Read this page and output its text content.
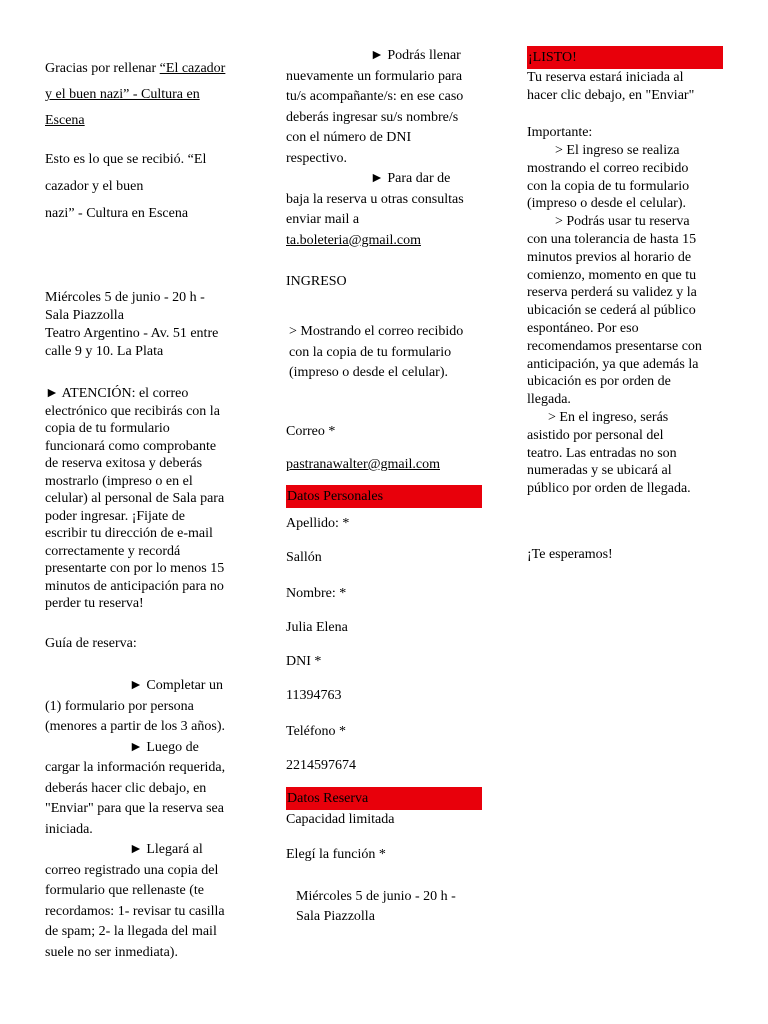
Gracias por rellenar “El cazador
y el buen nazi” - Cultura en
Escena
Esto es lo que se recibió. “El
cazador y el buen
nazi” - Cultura en Escena
Miércoles 5 de junio - 20 h -
Sala Piazzolla
Teatro Argentino - Av. 51 entre
calle 9 y 10. La Plata
► ATENCIÓN: el correo
electrónico que recibirás con la
copia de tu formulario
funcionará como comprobante
de reserva exitosa y deberás
mostrarlo (impreso o en el
celular) al personal de Sala para
poder ingresar. ¡Fijate de
escribir tu dirección de e-mail
correctamente y recordá
presentarte con por lo menos 15
minutos de anticipación para no
perder tu reserva!
Guía de reserva:
► Completar un
(1) formulario por persona
(menores a partir de los 3 años).
► Luego de
cargar la información requerida,
deberás hacer clic debajo, en
"Enviar" para que la reserva sea
iniciada.
► Llegará al
correo registrado una copia del
formulario que rellenaste (te
recordamos: 1- revisar tu casilla
de spam; 2- la llegada del mail
suele no ser inmediata).
► Podrás llenar
nuevamente un formulario para
tu/s acompañante/s: en ese caso
deberás ingresar su/s nombre/s
con el número de DNI
respectivo.
► Para dar de
baja la reserva u otras consultas
enviar mail a
ta.boleteria@gmail.com
INGRESO
> Mostrando el correo recibido
con la copia de tu formulario
(impreso o desde el celular).
Correo *
pastranawalter@gmail.com
Datos Personales
Apellido: *
Sallón
Nombre: *
Julia Elena
DNI *
11394763
Teléfono *
2214597674
Datos Reserva
Capacidad limitada
Elegí la función *
Miércoles 5 de junio - 20 h -
Sala Piazzolla
¡LISTO!
Tu reserva estará iniciada al
hacer clic debajo, en "Enviar"
Importante:
> El ingreso se realiza
mostrando el correo recibido
con la copia de tu formulario
(impreso o desde el celular).
> Podrás usar tu reserva
con una tolerancia de hasta 15
minutos previos al horario de
comienzo, momento en que tu
reserva perderá su validez y la
ubicación se cederá al público
espontáneo. Por eso
recomendamos presentarse con
anticipación, ya que además la
ubicación es por orden de
llegada.
> En el ingreso, serás
asistido por personal del
teatro. Las entradas no son
numeradas y se ubicará al
público por orden de llegada.
¡Te esperamos!
